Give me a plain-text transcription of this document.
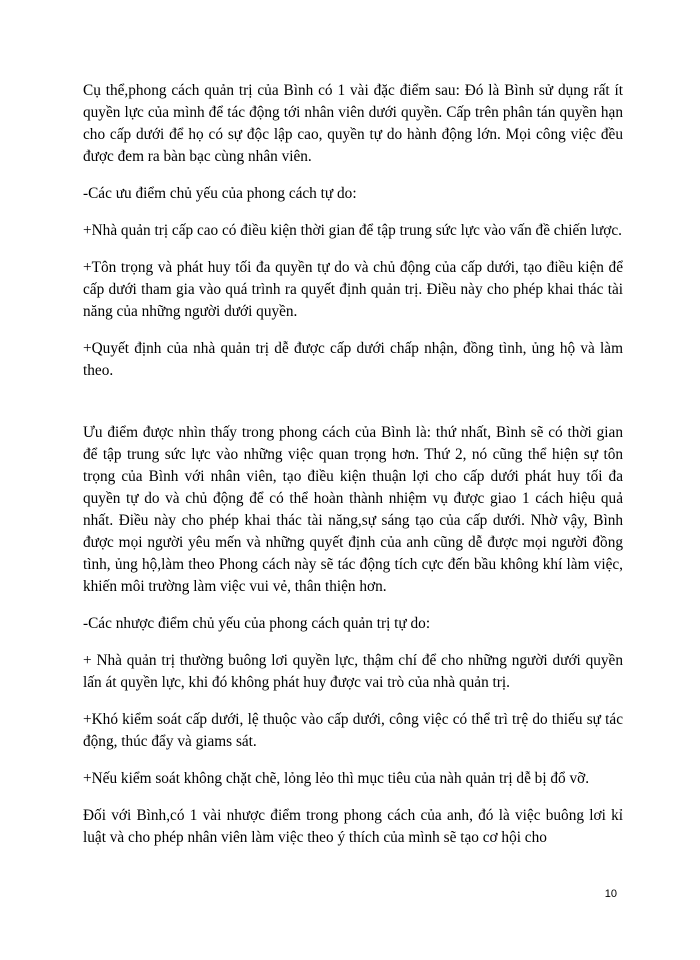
Cụ thể,phong cách quản trị của Bình có 1 vài đặc điểm sau: Đó là Bình sử dụng rất ít quyền lực của mình để tác động tới nhân viên dưới quyền. Cấp trên phân tán quyền hạn cho cấp dưới để họ có sự độc lập cao, quyền tự do hành động lớn. Mọi công việc đều được đem ra bàn bạc cùng nhân viên.

-Các ưu điểm chủ yếu của phong cách tự do:

+Nhà quản trị cấp cao có điều kiện thời gian để tập trung sức lực vào vấn đề chiến lược.

+Tôn trọng và phát huy tối đa quyền tự do và chủ động của cấp dưới, tạo điều kiện để cấp dưới tham gia vào quá trình ra quyết định quản trị. Điều này cho phép khai thác tài năng của những người dưới quyền.

+Quyết định của nhà quản trị dễ được cấp dưới chấp nhận, đồng tình, ủng hộ và làm theo.

Ưu điểm được nhìn thấy trong phong cách của Bình là: thứ nhất, Bình sẽ có thời gian để tập trung sức lực vào những việc quan trọng hơn. Thứ 2, nó cũng thể hiện sự tôn trọng của Bình với nhân viên, tạo điều kiện thuận lợi cho cấp dưới phát huy tối đa quyền tự do và chủ động để có thể hoàn thành nhiệm vụ được giao 1 cách hiệu quả nhất. Điều này cho phép khai thác tài năng,sự sáng tạo của cấp dưới. Nhờ vậy, Bình được mọi người yêu mến và những quyết định của anh cũng dễ được mọi người đồng tình, ủng hộ,làm theo Phong cách này sẽ tác động tích cực đến bầu không khí làm việc, khiến môi trường làm việc vui vẻ, thân thiện hơn.

-Các nhược điểm chủ yếu của phong cách quản trị tự do:

+ Nhà quản trị thường buông lơi quyền lực, thậm chí để cho những người dưới quyền lấn át quyền lực, khi đó không phát huy được vai trò của nhà quản trị.

+Khó kiểm soát cấp dưới, lệ thuộc vào cấp dưới, công việc có thể trì trệ do thiếu sự tác động, thúc đẩy và giams sát.

+Nếu kiểm soát không chặt chẽ, lỏng lẻo thì mục tiêu của nàh quản trị dễ bị đổ vỡ.

Đối với Bình,có 1 vài nhược điểm trong phong cách của anh, đó là việc buông lơi kỉ luật và cho phép nhân viên làm việc theo ý thích của mình sẽ tạo cơ hội cho

10
